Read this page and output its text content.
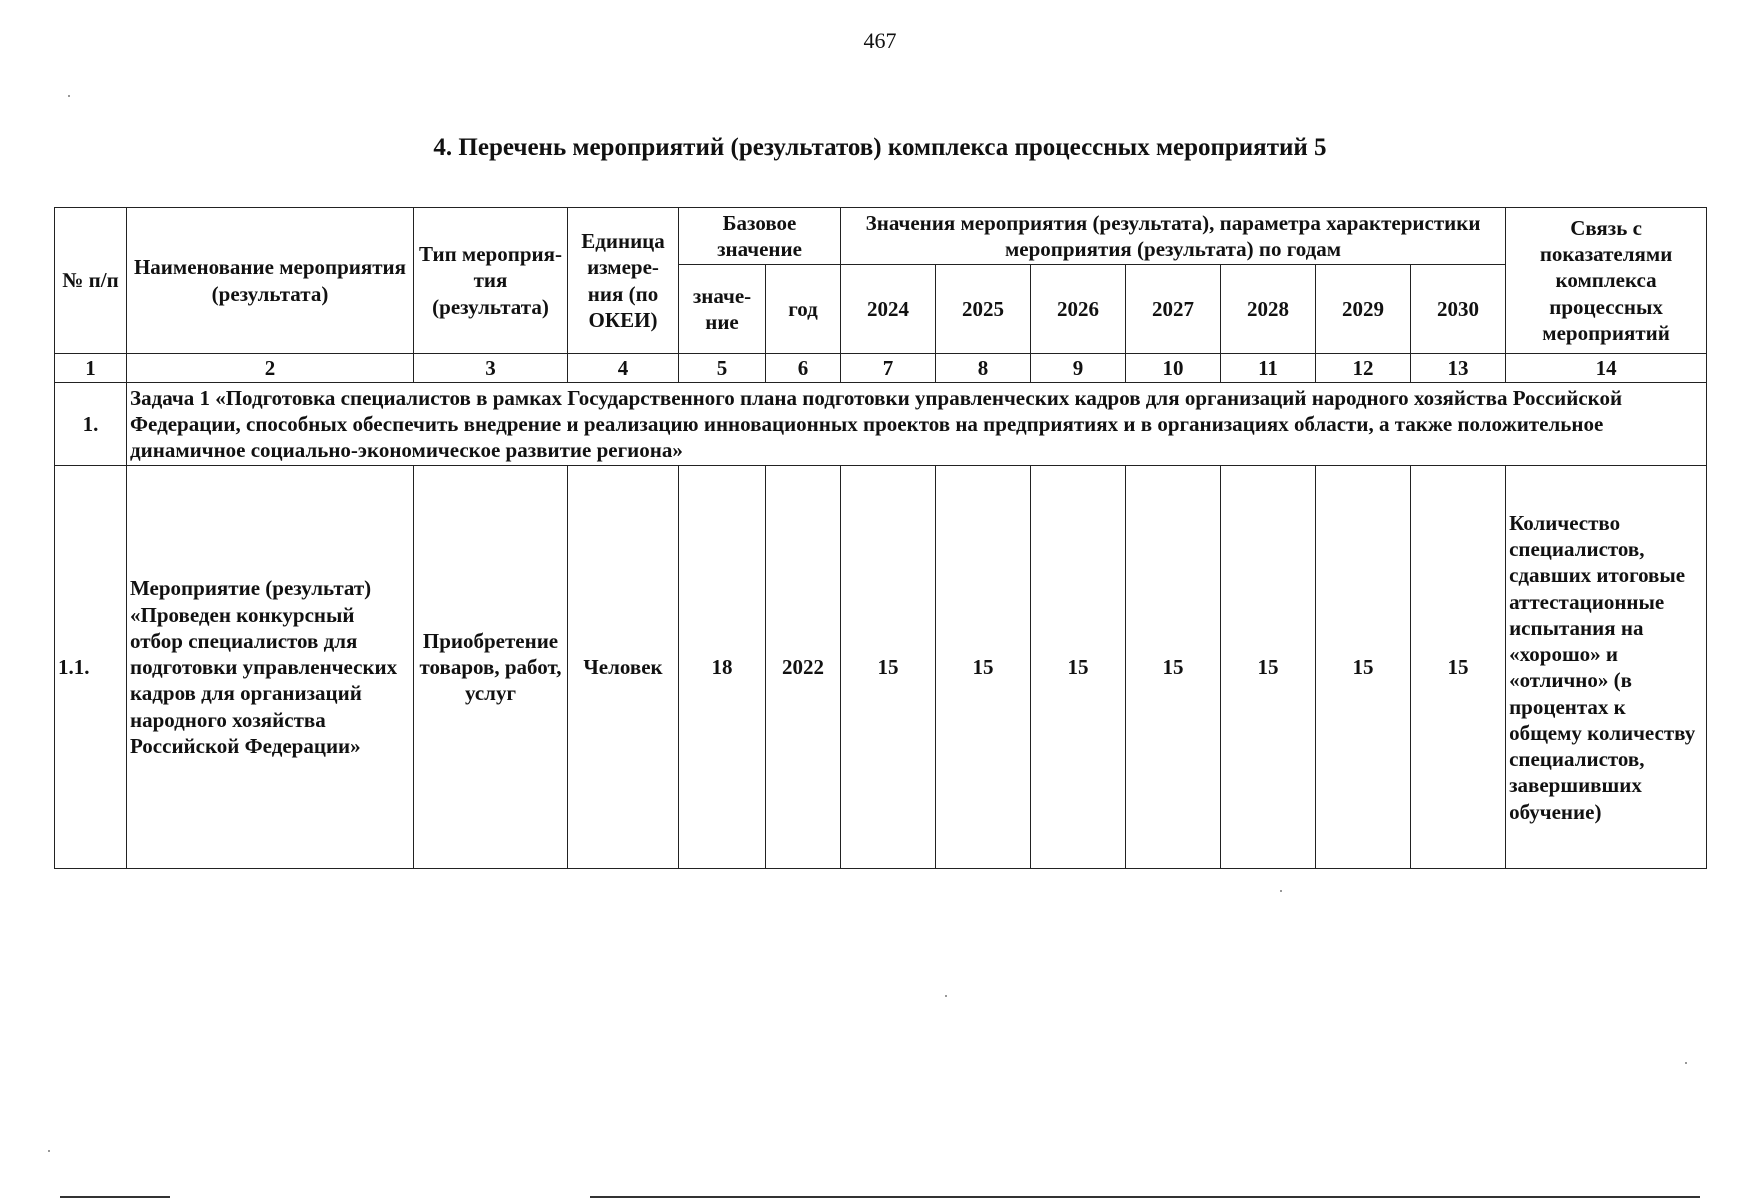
467
4. Перечень мероприятий (результатов) комплекса процессных мероприятий 5
№ п/п	Наименование мероприятия (результата)	Тип мероприя-тия (результата)	Единица измере-ния (по ОКЕИ)	Базовое значение		Значения мероприятия (результата), параметра характеристики мероприятия (результата) по годам							Связь с показателями комплекса процессных мероприятий
				значе-ние	год	2024	2025	2026	2027	2028	2029	2030	
1	2	3	4	5	6	7	8	9	10	11	12	13	14
1.	Задача 1 «Подготовка специалистов в рамках Государственного плана подготовки управленческих кадров для организаций народного хозяйства Российской Федерации, способных обеспечить внедрение и реализацию инновационных проектов на предприятиях и в организациях области, а также положительное динамичное социально-экономическое развитие региона»												
1.1.	Мероприятие (результат) «Проведен конкурсный отбор специалистов для подготовки управленческих кадров для организаций народного хозяйства Российской Федерации»	Приобретение товаров, работ, услуг	Человек	18	2022	15	15	15	15	15	15	15	Количество специалистов, сдавших итоговые аттестационные испытания на «хорошо» и «отлично» (в процентах к общему количеству специалистов, завершивших обучение)
